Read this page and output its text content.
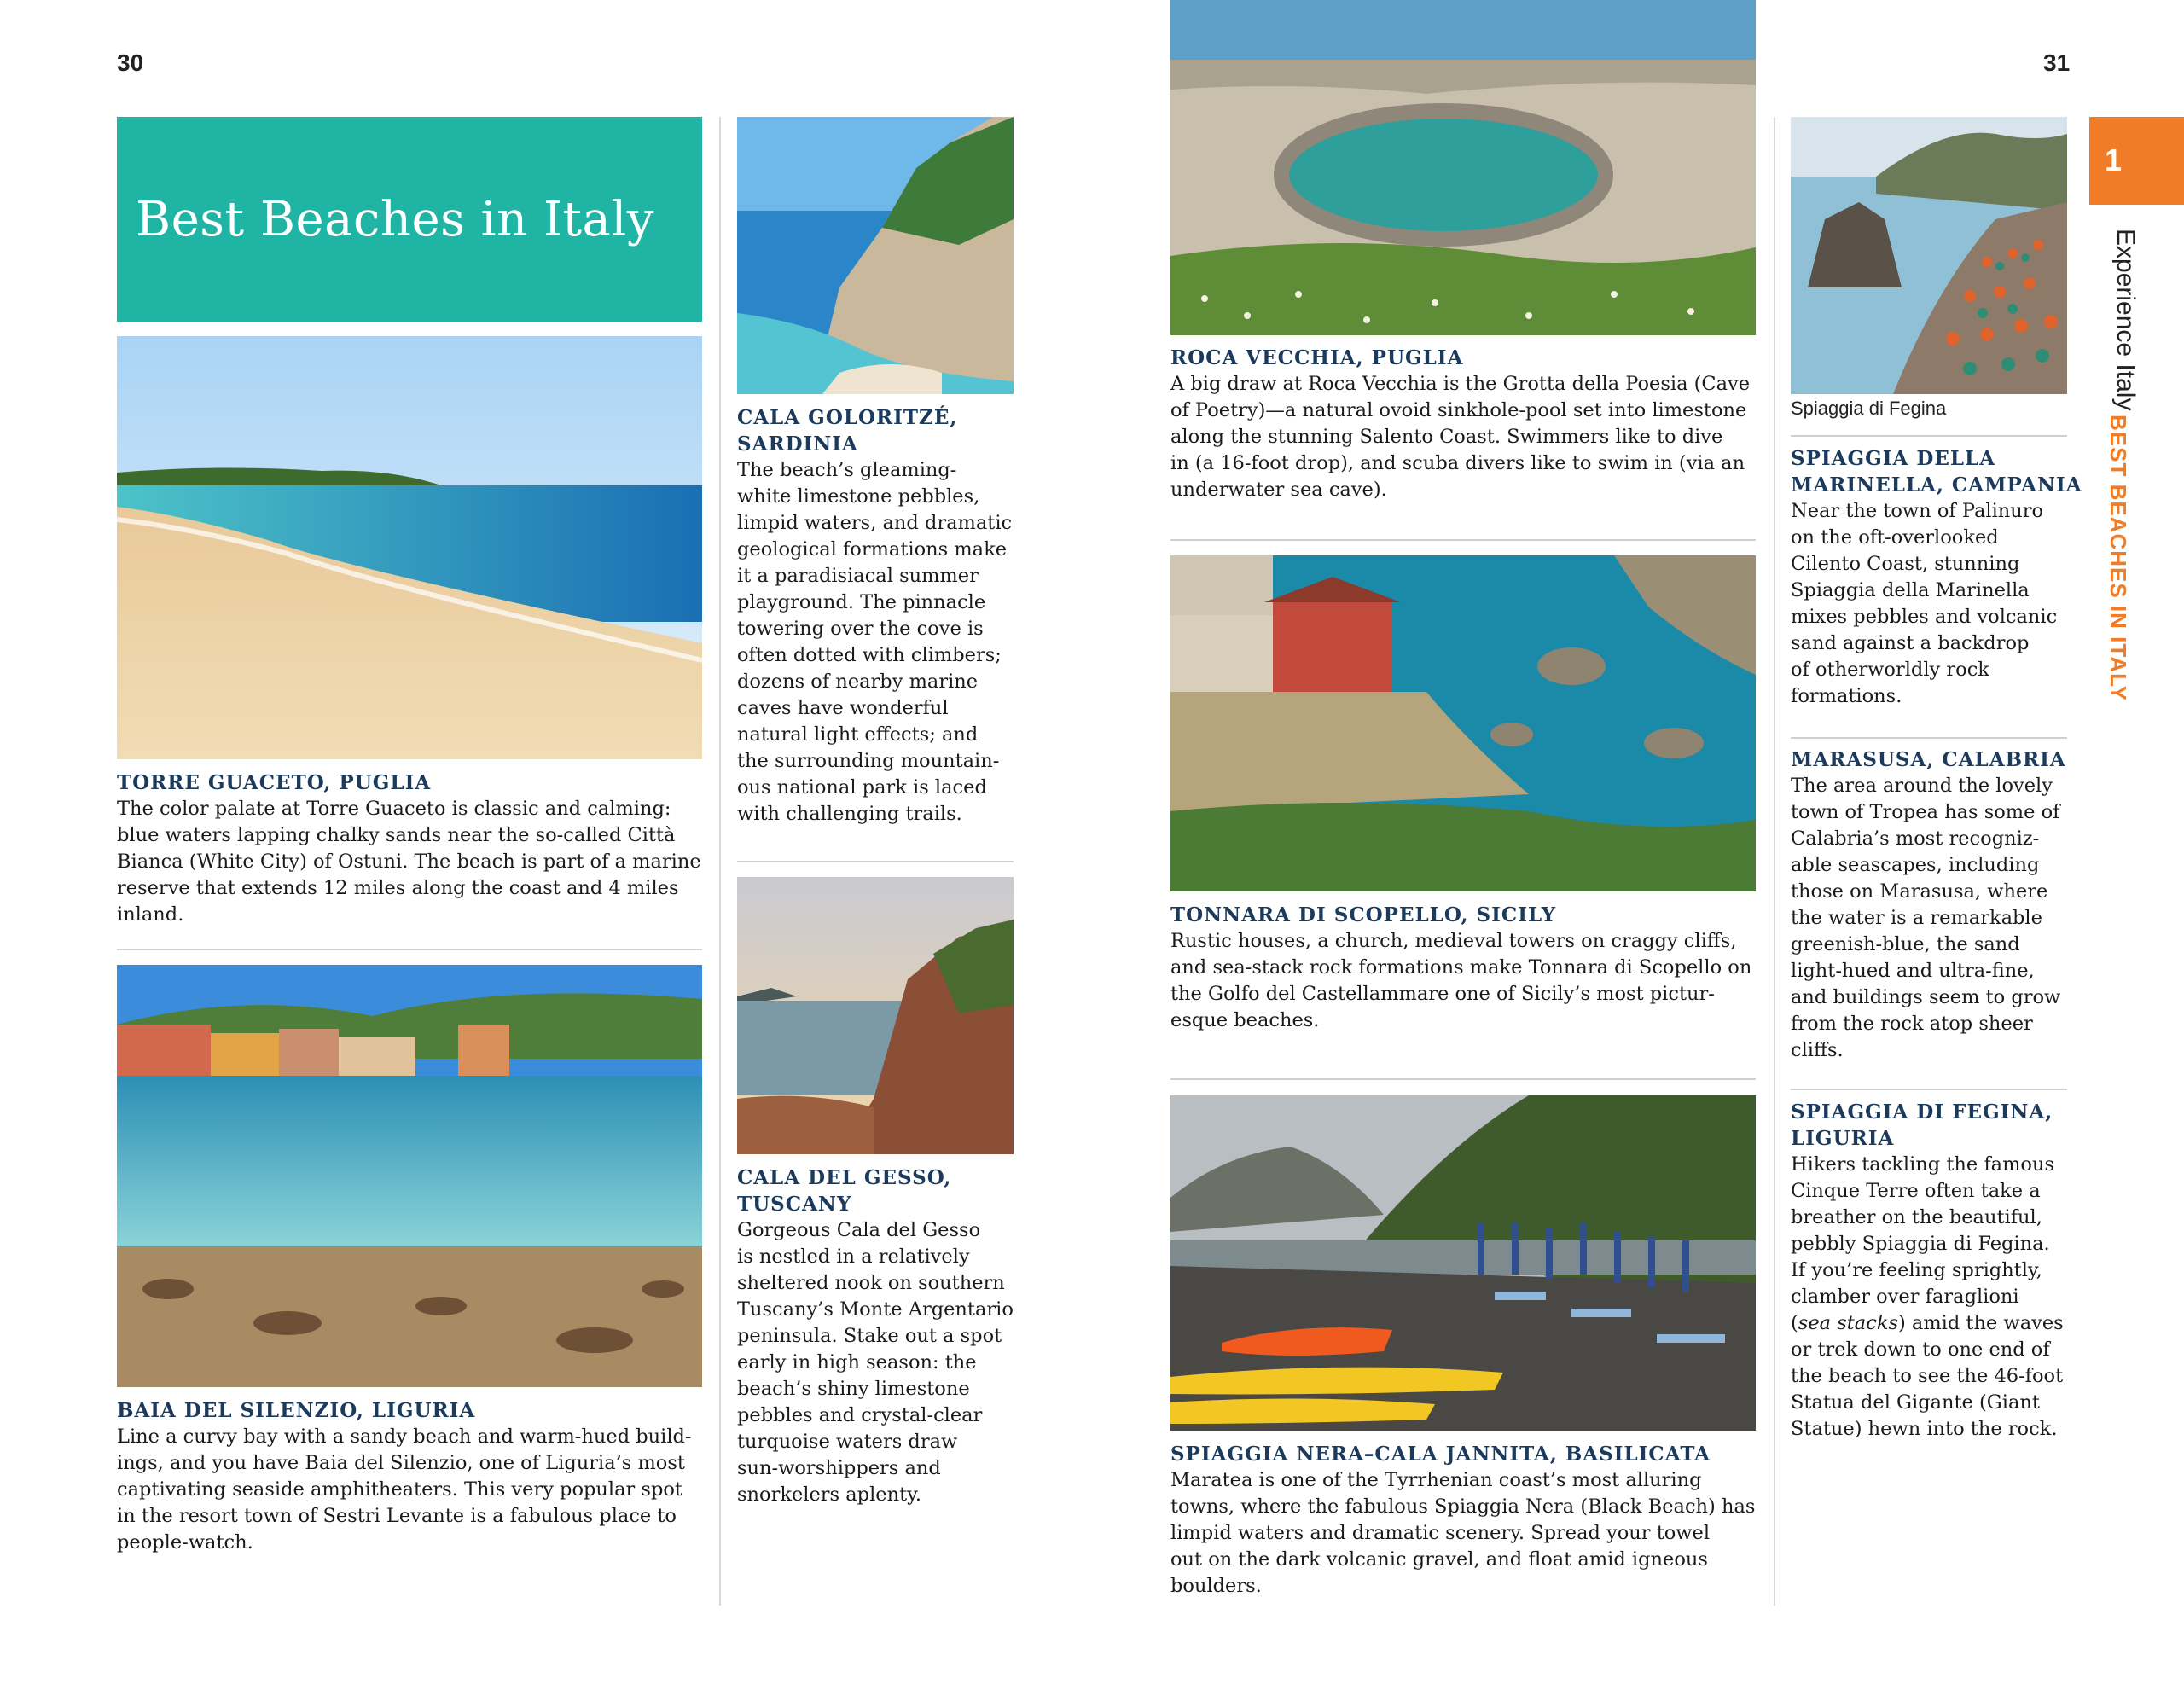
30	31
Best Beaches in Italy
TORRE GUACETO, PUGLIA
The color palate at Torre Guaceto is classic and calming:
blue waters lapping chalky sands near the so-called Città
Bianca (White City) of Ostuni. The beach is part of a marine
reserve that extends 12 miles along the coast and 4 miles
inland.
BAIA DEL SILENZIO, LIGURIA
Line a curvy bay with a sandy beach and warm-hued build-
ings, and you have Baia del Silenzio, one of Liguria’s most
captivating seaside amphitheaters. This very popular spot
in the resort town of Sestri Levante is a fabulous place to
people-watch.
CALA GOLORITZÉ,
SARDINIA
The beach’s gleaming-
white limestone pebbles,
limpid waters, and dramatic
geological formations make
it a paradisiacal summer
playground. The pinnacle
towering over the cove is
often dotted with climbers;
dozens of nearby marine
caves have wonderful
natural light effects; and
the surrounding mountain-
ous national park is laced
with challenging trails.
CALA DEL GESSO,
TUSCANY
Gorgeous Cala del Gesso
is nestled in a relatively
sheltered nook on southern
Tuscany’s Monte Argentario
peninsula. Stake out a spot
early in high season: the
beach’s shiny limestone
pebbles and crystal-clear
turquoise waters draw
sun-worshippers and
snorkelers aplenty.
ROCA VECCHIA, PUGLIA
A big draw at Roca Vecchia is the Grotta della Poesia (Cave
of Poetry)—a natural ovoid sinkhole-pool set into limestone
along the stunning Salento Coast. Swimmers like to dive
in (a 16-foot drop), and scuba divers like to swim in (via an
underwater sea cave).
TONNARA DI SCOPELLO, SICILY
Rustic houses, a church, medieval towers on craggy cliffs,
and sea-stack rock formations make Tonnara di Scopello on
the Golfo del Castellammare one of Sicily’s most pictur-
esque beaches.
SPIAGGIA NERA–CALA JANNITA, BASILICATA
Maratea is one of the Tyrrhenian coast’s most alluring
towns, where the fabulous Spiaggia Nera (Black Beach) has
limpid waters and dramatic scenery. Spread your towel
out on the dark volcanic gravel, and float amid igneous
boulders.
Spiaggia di Fegina
SPIAGGIA DELLA
MARINELLA, CAMPANIA
Near the town of Palinuro
on the oft-overlooked
Cilento Coast, stunning
Spiaggia della Marinella
mixes pebbles and volcanic
sand against a backdrop
of otherworldly rock
formations.
MARASUSA, CALABRIA
The area around the lovely
town of Tropea has some of
Calabria’s most recogniz-
able seascapes, including
those on Marasusa, where
the water is a remarkable
greenish-blue, the sand
light-hued and ultra-fine,
and buildings seem to grow
from the rock atop sheer
cliffs.
SPIAGGIA DI FEGINA,
LIGURIA
Hikers tackling the famous
Cinque Terre often take a
breather on the beautiful,
pebbly Spiaggia di Fegina.
If you’re feeling sprightly,
clamber over faraglioni
(sea stacks) amid the waves
or trek down to one end of
the beach to see the 46-foot
Statua del Gigante (Giant
Statue) hewn into the rock.
1
Experience Italy
BEST BEACHES IN ITALY
